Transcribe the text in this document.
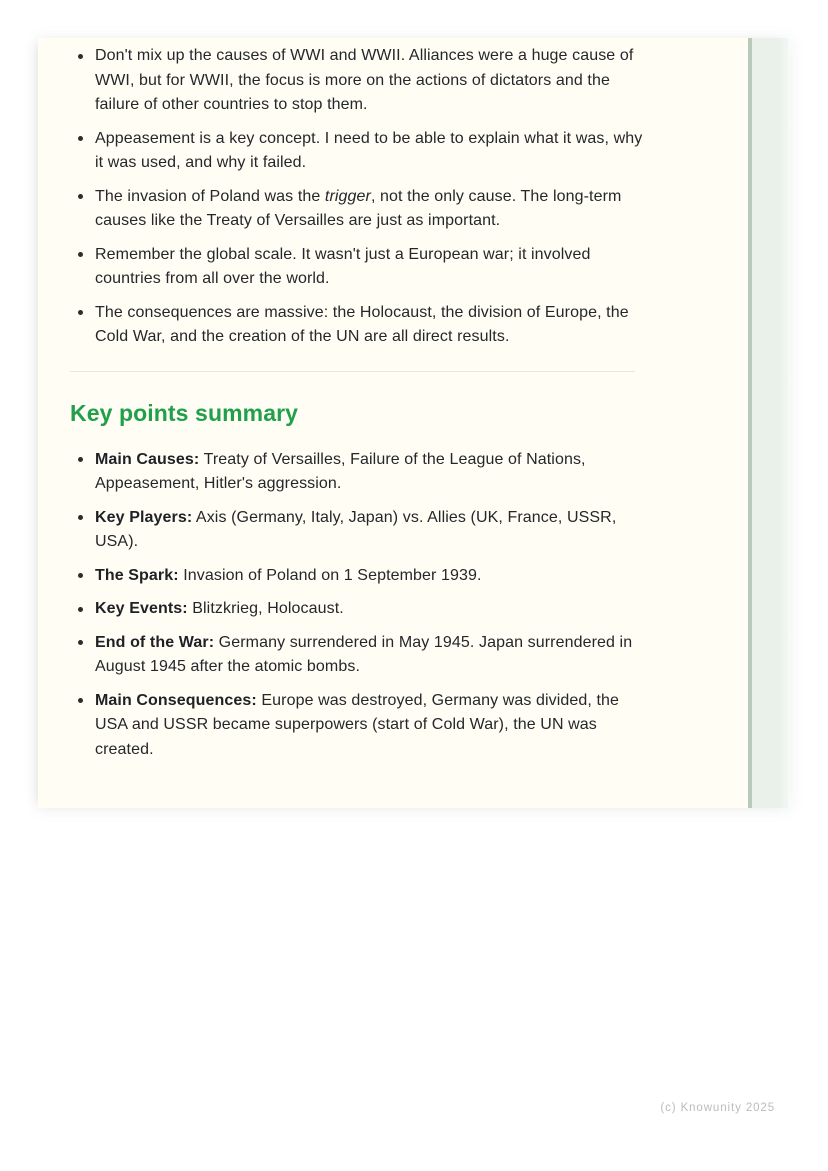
Don't mix up the causes of WWI and WWII. Alliances were a huge cause of WWI, but for WWII, the focus is more on the actions of dictators and the failure of other countries to stop them.
Appeasement is a key concept. I need to be able to explain what it was, why it was used, and why it failed.
The invasion of Poland was the trigger, not the only cause. The long-term causes like the Treaty of Versailles are just as important.
Remember the global scale. It wasn't just a European war; it involved countries from all over the world.
The consequences are massive: the Holocaust, the division of Europe, the Cold War, and the creation of the UN are all direct results.
Key points summary
Main Causes: Treaty of Versailles, Failure of the League of Nations, Appeasement, Hitler's aggression.
Key Players: Axis (Germany, Italy, Japan) vs. Allies (UK, France, USSR, USA).
The Spark: Invasion of Poland on 1 September 1939.
Key Events: Blitzkrieg, Holocaust.
End of the War: Germany surrendered in May 1945. Japan surrendered in August 1945 after the atomic bombs.
Main Consequences: Europe was destroyed, Germany was divided, the USA and USSR became superpowers (start of Cold War), the UN was created.
(c) Knowunity 2025
